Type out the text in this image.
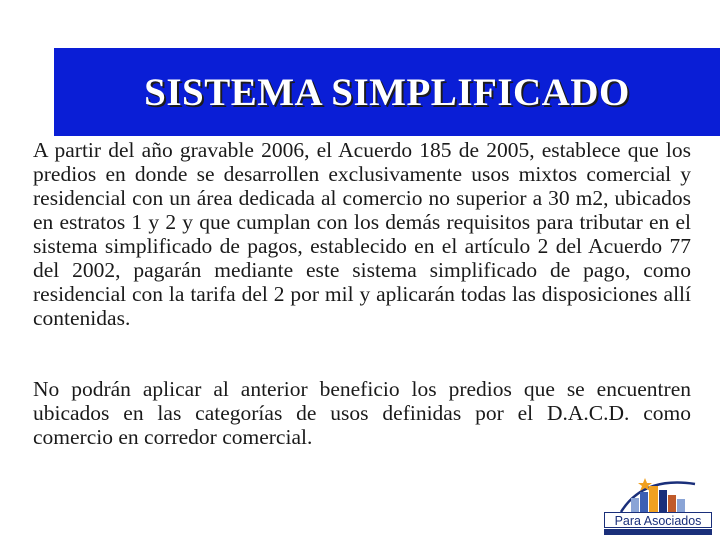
SISTEMA SIMPLIFICADO

A partir del año gravable 2006, el Acuerdo 185 de 2005, establece que los predios en donde se desarrollen exclusivamente usos mixtos comercial y residencial con un área dedicada al comercio no superior a 30 m2, ubicados en estratos 1 y 2 y que cumplan con los demás requisitos para tributar en el sistema simplificado de pagos, establecido en el artículo 2 del Acuerdo 77 del 2002, pagarán mediante este sistema simplificado de pago, como residencial con la tarifa del 2 por mil y aplicarán todas las disposiciones allí contenidas.

No podrán aplicar al anterior beneficio los predios que se encuentren ubicados en las categorías de usos definidas por el D.A.C.D. como comercio en corredor comercial.

Para Asociados
